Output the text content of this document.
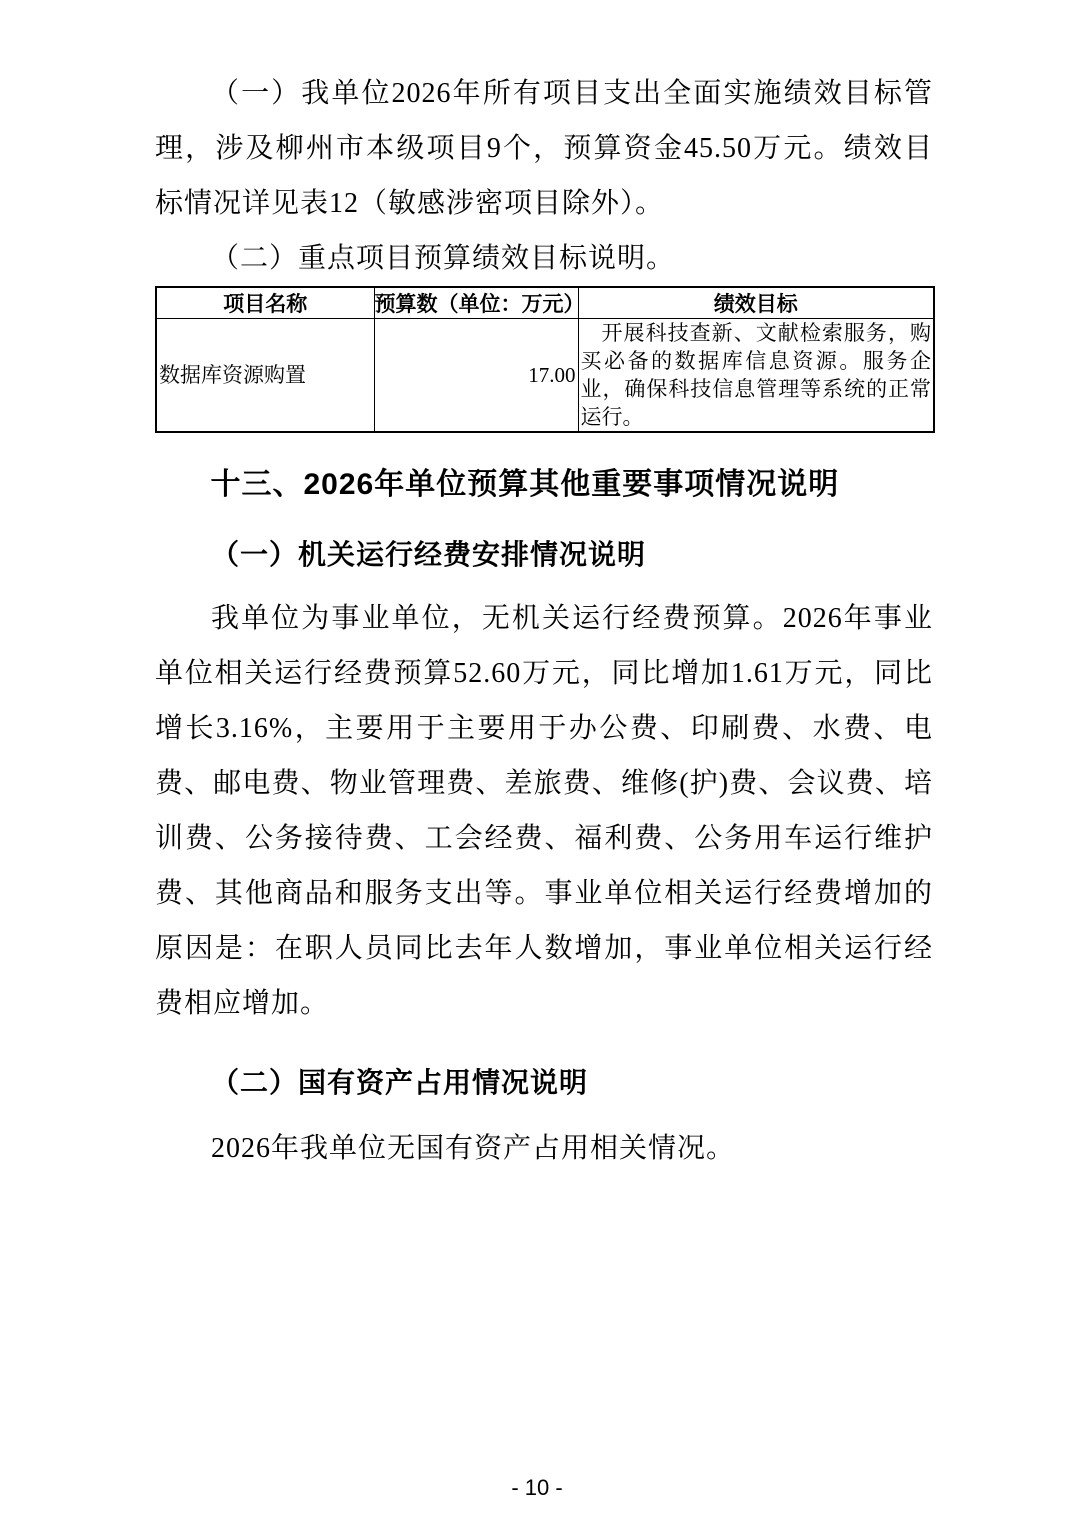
（一）我单位2026年所有项目支出全面实施绩效目标管理，涉及柳州市本级项目9个，预算资金45.50万元。绩效目标情况详见表12（敏感涉密项目除外）。

（二）重点项目预算绩效目标说明。

项目名称	预算数（单位：万元）	绩效目标
数据库资源购置	17.00	开展科技查新、文献检索服务，购买必备的数据库信息资源。服务企业，确保科技信息管理等系统的正常运行。
十三、2026年单位预算其他重要事项情况说明
（一）机关运行经费安排情况说明

我单位为事业单位，无机关运行经费预算。2026年事业单位相关运行经费预算52.60万元，同比增加1.61万元，同比增长3.16%，主要用于主要用于办公费、印刷费、水费、电费、邮电费、物业管理费、差旅费、维修(护)费、会议费、培训费、公务接待费、工会经费、福利费、公务用车运行维护费、其他商品和服务支出等。事业单位相关运行经费增加的原因是：在职人员同比去年人数增加，事业单位相关运行经费相应增加。

（二）国有资产占用情况说明

2026年我单位无国有资产占用相关情况。

- 10 -
